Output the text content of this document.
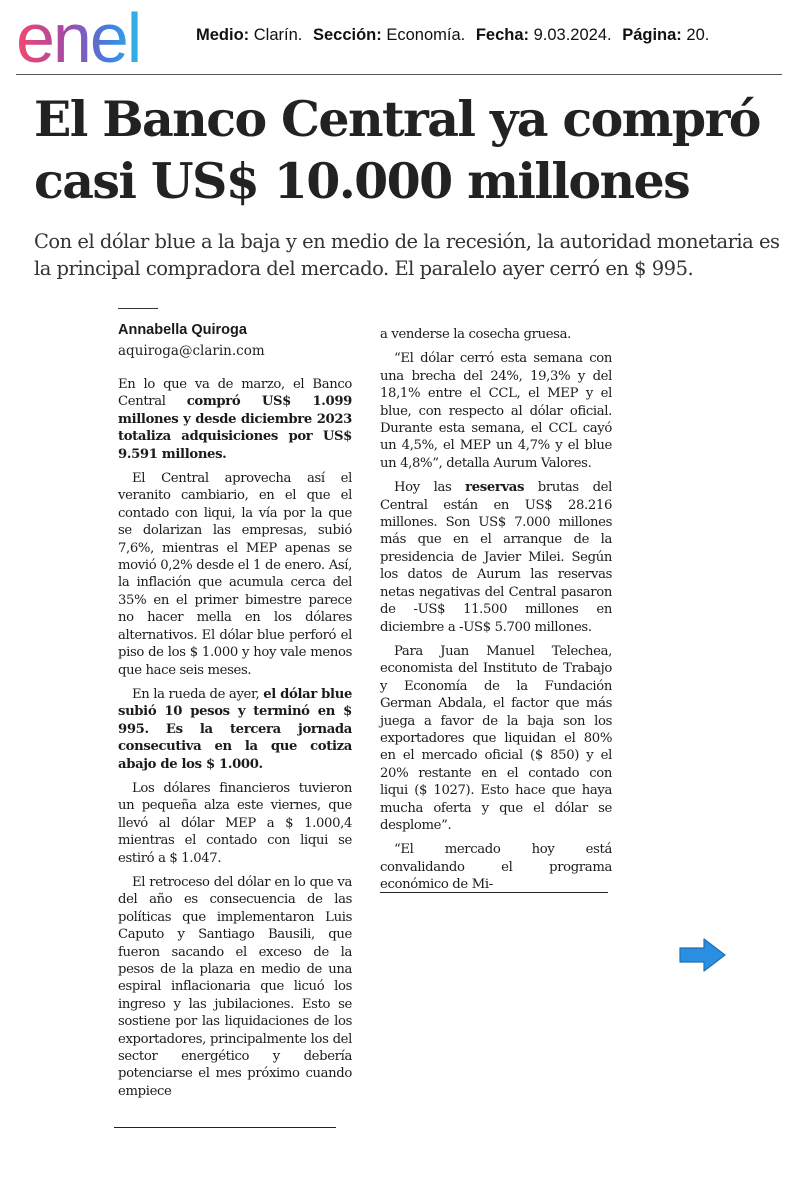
enel	Medio: Clarín. Sección: Economía. Fecha: 9.03.2024. Página: 20.
El Banco Central ya compró
casi US$ 10.000 millones

Con el dólar blue a la baja y en medio de la recesión, la autoridad monetaria es la principal compradora del mercado. El paralelo ayer cerró en $ 995.

Annabella Quiroga
aquiroga@clarin.com

En lo que va de marzo, el Banco Central compró US$ 1.099 millones y desde diciembre 2023 totaliza adquisiciones por US$ 9.591 millones.

El Central aprovecha así el veranito cambiario, en el que el contado con liqui, la vía por la que se dolarizan las empresas, subió 7,6%, mientras el MEP apenas se movió 0,2% desde el 1 de enero. Así, la inflación que acumula cerca del 35% en el primer bimestre parece no hacer mella en los dólares alternativos. El dólar blue perforó el piso de los $ 1.000 y hoy vale menos que hace seis meses.

En la rueda de ayer, el dólar blue subió 10 pesos y terminó en $ 995. Es la tercera jornada consecutiva en la que cotiza abajo de los $ 1.000.

Los dólares financieros tuvieron un pequeña alza este viernes, que llevó al dólar MEP a $ 1.000,4 mientras el contado con liqui se estiró a $ 1.047.

El retroceso del dólar en lo que va del año es consecuencia de las políticas que implementaron Luis Caputo y Santiago Bausili, que fueron sacando el exceso de la pesos de la plaza en medio de una espiral inflacionaria que licuó los ingreso y las jubilaciones. Esto se sostiene por las liquidaciones de los exportadores, principalmente los del sector energético y debería potenciarse el mes próximo cuando empiece

a venderse la cosecha gruesa.

“El dólar cerró esta semana con una brecha del 24%, 19,3% y del 18,1% entre el CCL, el MEP y el blue, con respecto al dólar oficial. Durante esta semana, el CCL cayó un 4,5%, el MEP un 4,7% y el blue un 4,8%”, detalla Aurum Valores.

Hoy las reservas brutas del Central están en US$ 28.216 millones. Son US$ 7.000 millones más que en el arranque de la presidencia de Javier Milei. Según los datos de Aurum las reservas netas negativas del Central pasaron de -US$ 11.500 millones en diciembre a -US$ 5.700 millones.

Para Juan Manuel Telechea, economista del Instituto de Trabajo y Economía de la Fundación German Abdala, el factor que más juega a favor de la baja son los exportadores que liquidan el 80% en el mercado oficial ($ 850) y el 20% restante en el contado con liqui ($ 1027). Esto hace que haya mucha oferta y que el dólar se desplome”.

“El mercado hoy está convalidando el programa económico de Mi-
